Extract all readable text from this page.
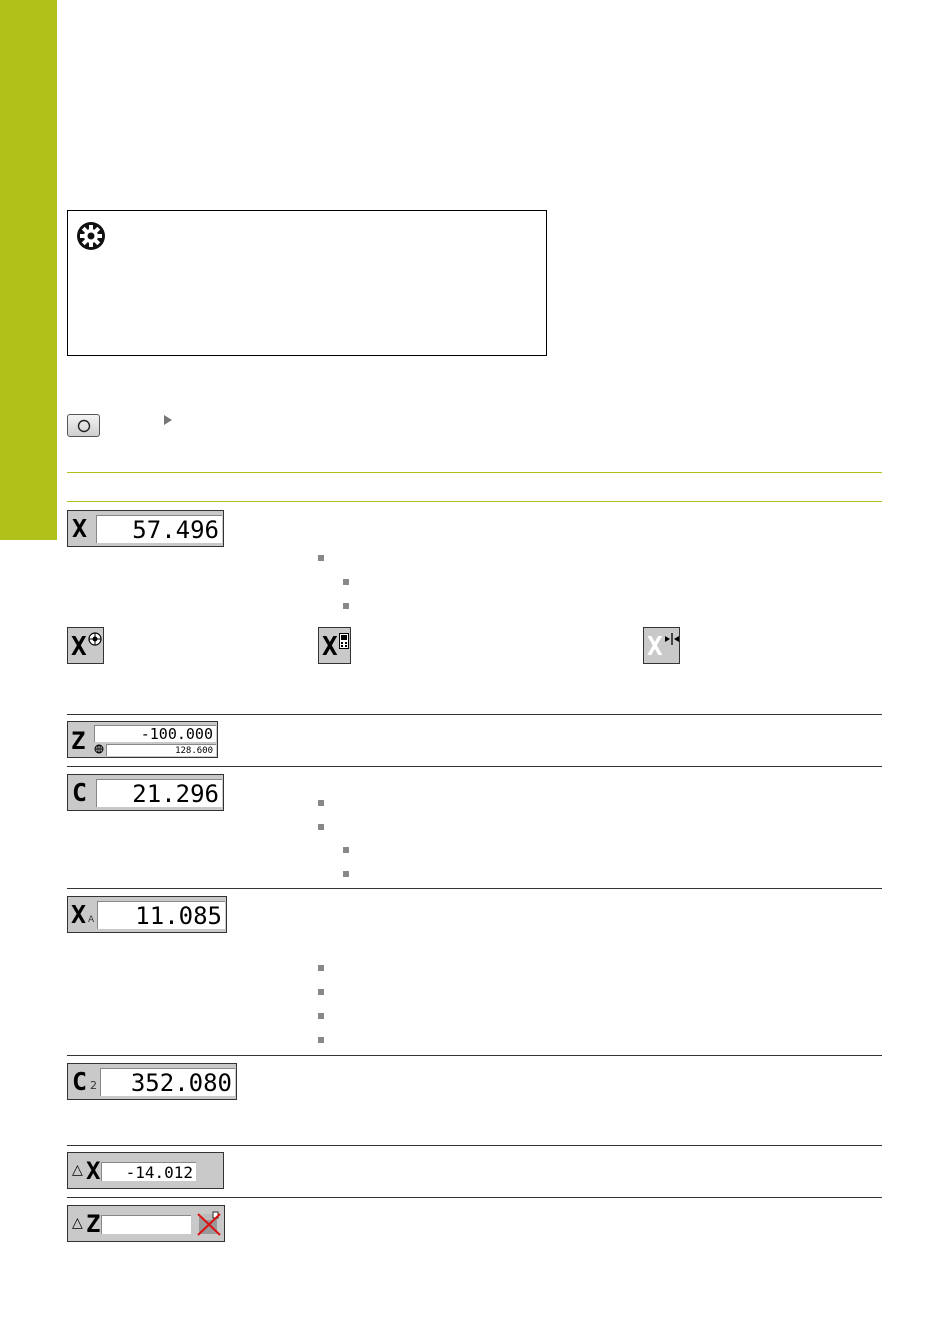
X	57.496
X	X	X
Z	-100.000
128.600
C	21.296
X A	11.085
C 2	352.080
△ X	-14.012
△ Z
